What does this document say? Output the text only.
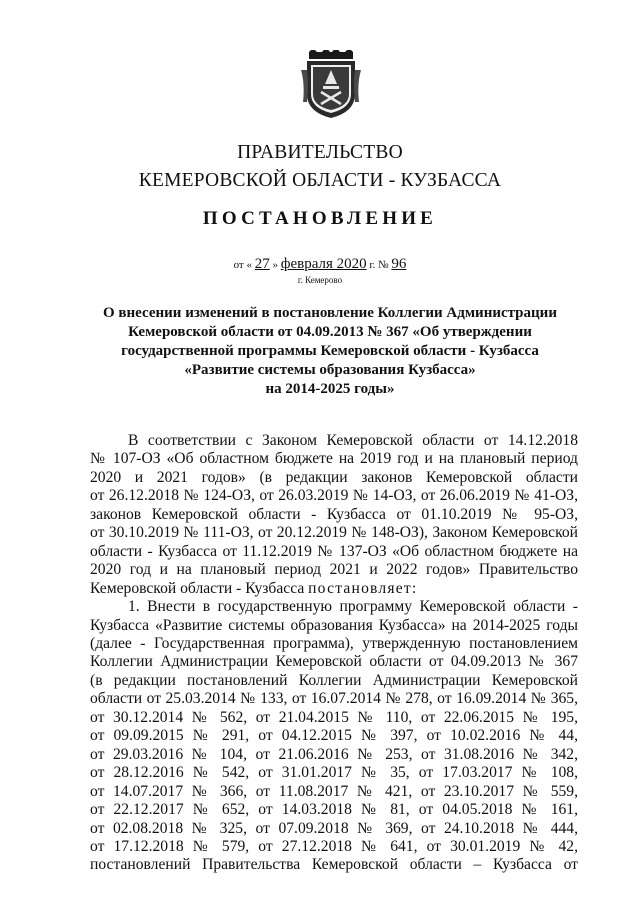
ПРАВИТЕЛЬСТВО
КЕМЕРОВСКОЙ ОБЛАСТИ - КУЗБАССА
ПОСТАНОВЛЕНИЕ
от « 27 » февраля 2020 г. № 96
г. Кемерово
О внесении изменений в постановление Коллегии Администрации
Кемеровской области от 04.09.2013 № 367 «Об утверждении
государственной программы Кемеровской области - Кузбасса
«Развитие системы образования Кузбасса»
на 2014-2025 годы»
В соответствии с Законом Кемеровской области от 14.12.2018
№ 107-ОЗ «Об областном бюджете на 2019 год и на плановый период
2020 и 2021 годов» (в редакции законов Кемеровской области
от 26.12.2018 № 124-ОЗ, от 26.03.2019 № 14-ОЗ, от 26.06.2019 № 41-ОЗ,
законов Кемеровской области - Кузбасса от 01.10.2019 № 95-ОЗ,
от 30.10.2019 № 111-ОЗ, от 20.12.2019 № 148-ОЗ), Законом Кемеровской
области - Кузбасса от 11.12.2019 № 137-ОЗ «Об областном бюджете на
2020 год и на плановый период 2021 и 2022 годов» Правительство
Кемеровской области - Кузбасса постановляет:
1. Внести в государственную программу Кемеровской области -
Кузбасса «Развитие системы образования Кузбасса» на 2014-2025 годы
(далее - Государственная программа), утвержденную постановлением
Коллегии Администрации Кемеровской области от 04.09.2013 № 367
(в редакции постановлений Коллегии Администрации Кемеровской
области от 25.03.2014 № 133, от 16.07.2014 № 278, от 16.09.2014 № 365,
от 30.12.2014 № 562, от 21.04.2015 № 110, от 22.06.2015 № 195,
от 09.09.2015 № 291, от 04.12.2015 № 397, от 10.02.2016 № 44,
от 29.03.2016 № 104, от 21.06.2016 № 253, от 31.08.2016 № 342,
от 28.12.2016 № 542, от 31.01.2017 № 35, от 17.03.2017 № 108,
от 14.07.2017 № 366, от 11.08.2017 № 421, от 23.10.2017 № 559,
от 22.12.2017 № 652, от 14.03.2018 № 81, от 04.05.2018 № 161,
от 02.08.2018 № 325, от 07.09.2018 № 369, от 24.10.2018 № 444,
от 17.12.2018 № 579, от 27.12.2018 № 641, от 30.01.2019 № 42,
постановлений Правительства Кемеровской области – Кузбасса от
